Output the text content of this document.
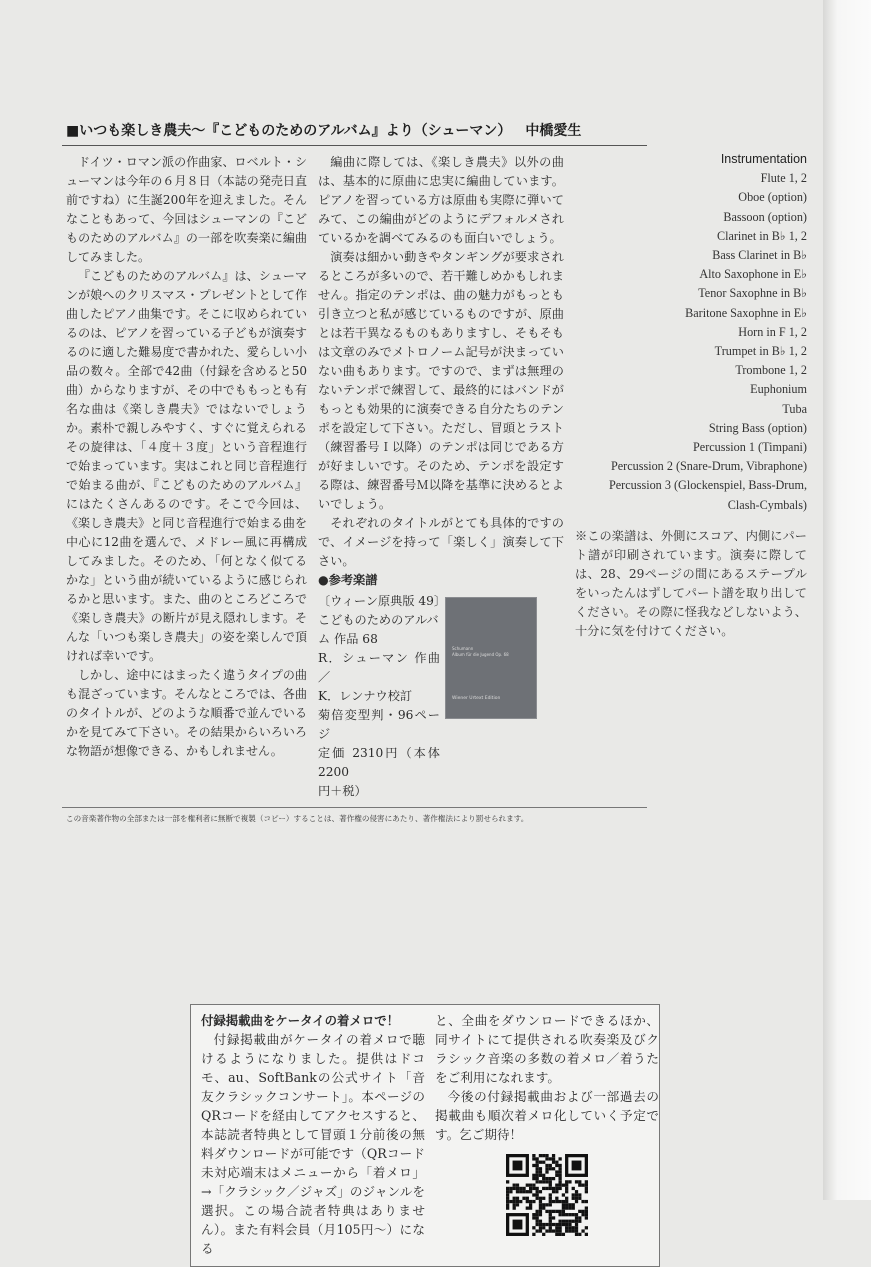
■いつも楽しき農夫〜『こどものためのアルバム』より（シューマン） 中橋愛生

ドイツ・ロマン派の作曲家、ロベルト・シューマンは今年の６月８日（本誌の発売日直前ですね）に生誕200年を迎えました。そんなこともあって、今回はシューマンの『こどものためのアルバム』の一部を吹奏楽に編曲してみました。

『こどものためのアルバム』は、シューマンが娘へのクリスマス・プレゼントとして作曲したピアノ曲集です。そこに収められているのは、ピアノを習っている子どもが演奏するのに適した難易度で書かれた、愛らしい小品の数々。全部で42曲（付録を含めると50曲）からなりますが、その中でももっとも有名な曲は《楽しき農夫》ではないでしょうか。素朴で親しみやすく、すぐに覚えられるその旋律は、「４度＋３度」という音程進行で始まっています。実はこれと同じ音程進行で始まる曲が、『こどものためのアルバム』にはたくさんあるのです。そこで今回は、《楽しき農夫》と同じ音程進行で始まる曲を中心に12曲を選んで、メドレー風に再構成してみました。そのため、「何となく似てるかな」という曲が続いているように感じられるかと思います。また、曲のところどころで《楽しき農夫》の断片が見え隠れします。そんな「いつも楽しき農夫」の姿を楽しんで頂ければ幸いです。

しかし、途中にはまったく違うタイプの曲も混ざっています。そんなところでは、各曲のタイトルが、どのような順番で並んでいるかを見てみて下さい。その結果からいろいろな物語が想像できる、かもしれません。

編曲に際しては、《楽しき農夫》以外の曲は、基本的に原曲に忠実に編曲しています。ピアノを習っている方は原曲も実際に弾いてみて、この編曲がどのようにデフォルメされているかを調べてみるのも面白いでしょう。

演奏は細かい動きやタンギングが要求されるところが多いので、若干難しめかもしれません。指定のテンポは、曲の魅力がもっとも引き立つと私が感じているものですが、原曲とは若干異なるものもありますし、そもそもは文章のみでメトロノーム記号が決まっていない曲もあります。ですので、まずは無理のないテンポで練習して、最終的にはバンドがもっとも効果的に演奏できる自分たちのテンポを設定して下さい。ただし、冒頭とラスト（練習番号Ｉ以降）のテンポは同じである方が好ましいです。そのため、テンポを設定する際は、練習番号Ｍ以降を基準に決めるとよいでしょう。

それぞれのタイトルがとても具体的ですので、イメージを持って「楽しく」演奏して下さい。

●参考楽譜
〔ウィーン原典版 49〕
こどものためのアルバ
ム 作品 68
R．シューマン 作曲／
K．レンナウ校訂
菊倍変型判・96ページ
定価 2310円（本体 2200
円＋税）
Schumann
Album für die Jugend Op. 68
Wiener Urtext Edition
この音楽著作物の全部または一部を権利者に無断で複製（コピー）することは、著作権の侵害にあたり、著作権法により罰せられます。

付録掲載曲をケータイの着メロで！

付録掲載曲がケータイの着メロで聴けるようになりました。提供はドコモ、au、SoftBankの公式サイト「音友クラシックコンサート」。本ページのQRコードを経由してアクセスすると、本誌読者特典として冒頭１分前後の無料ダウンロードが可能です（QRコード未対応端末はメニューから「着メロ」→「クラシック／ジャズ」のジャンルを選択。この場合読者特典はありません）。また有料会員（月105円〜）になる

と、全曲をダウンロードできるほか、同サイトにて提供される吹奏楽及びクラシック音楽の多数の着メロ／着うたをご利用になれます。

今後の付録掲載曲および一部過去の掲載曲も順次着メロ化していく予定です。乞ご期待！

Instrumentation
Flute 1, 2
Oboe (option)
Bassoon (option)
Clarinet in B♭ 1, 2
Bass Clarinet in B♭
Alto Saxophone in E♭
Tenor Saxophne in B♭
Baritone Saxophne in E♭
Horn in F 1, 2
Trumpet in B♭ 1, 2
Trombone 1, 2
Euphonium
Tuba
String Bass (option)
Percussion 1 (Timpani)
Percussion 2 (Snare-Drum, Vibraphone)
Percussion 3 (Glockenspiel, Bass-Drum, Clash-Cymbals)
※この楽譜は、外側にスコア、内側にパート譜が印刷されています。演奏に際しては、28、29ページの間にあるステープルをいったんはずしてパート譜を取り出してください。その際に怪我などしないよう、十分に気を付けてください。
